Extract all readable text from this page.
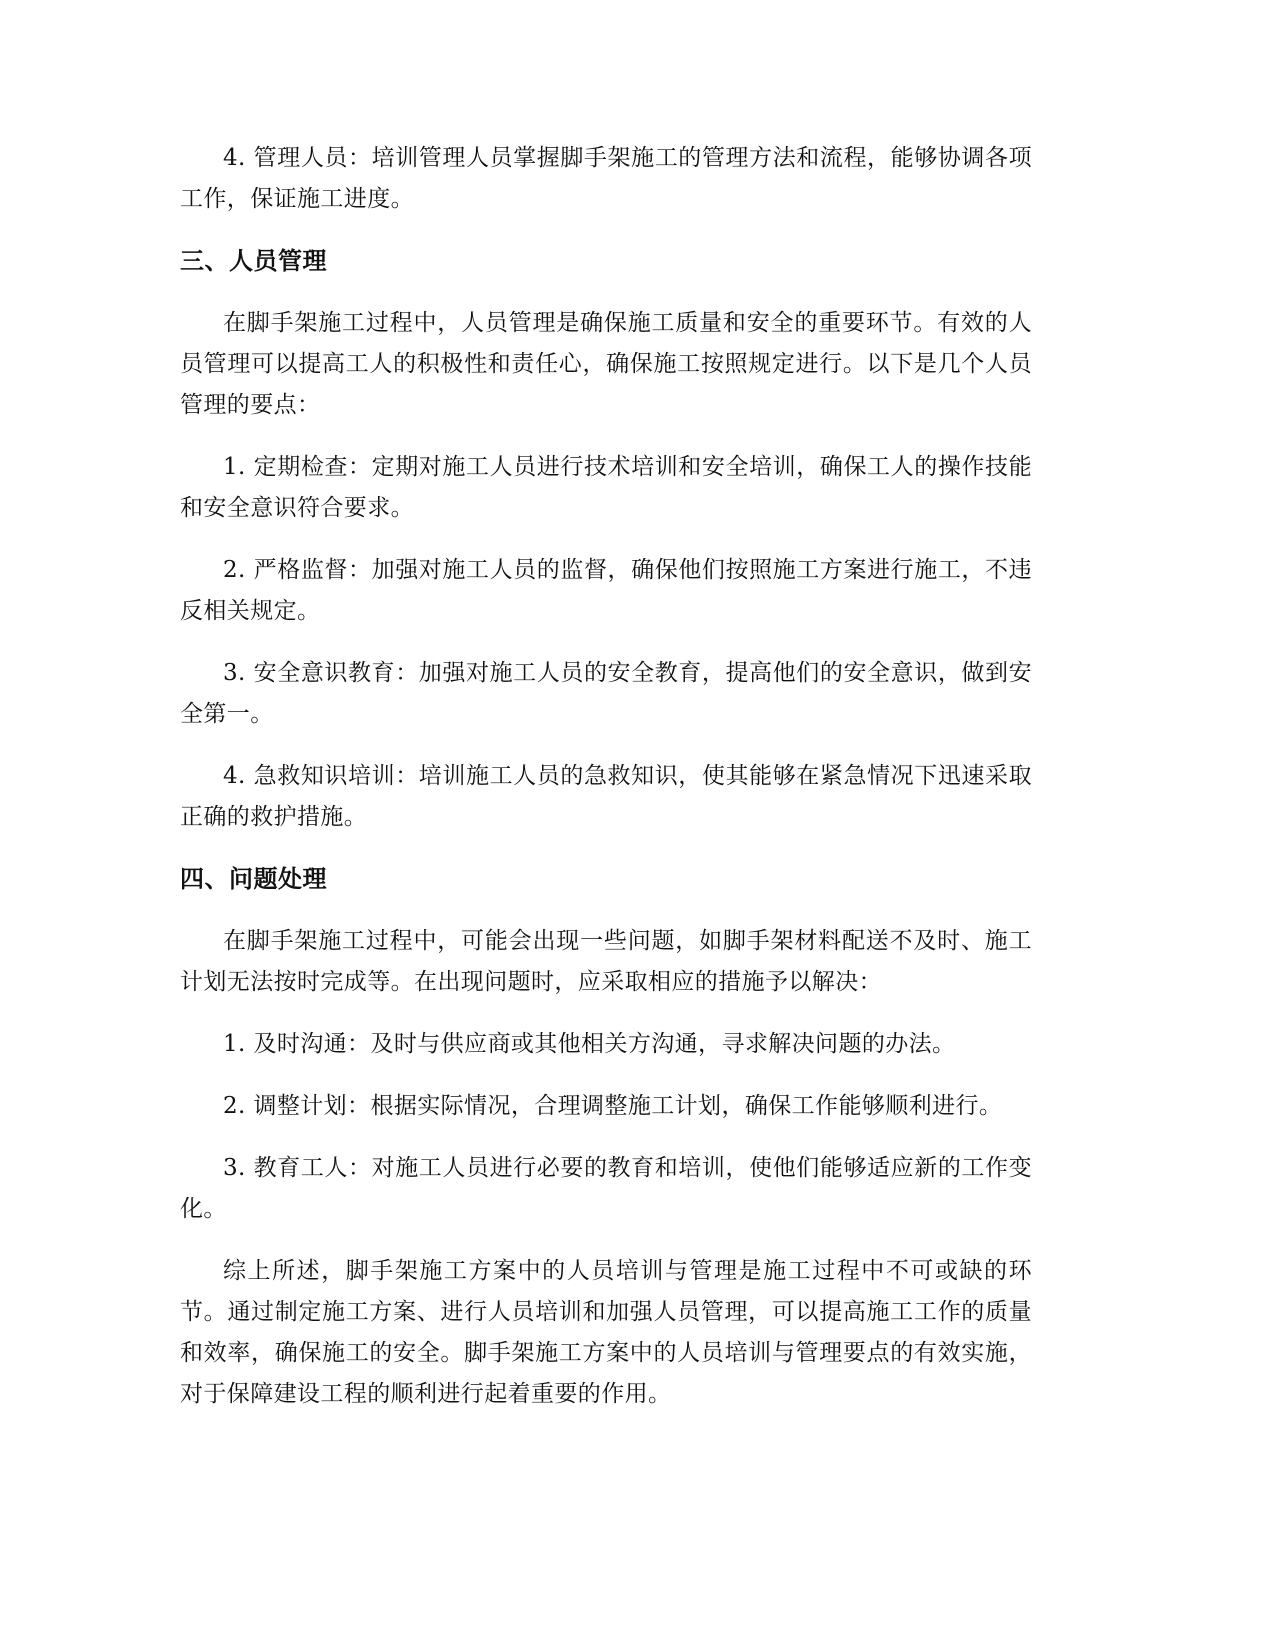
4. 管理人员：培训管理人员掌握脚手架施工的管理方法和流程，能够协调各项工作，保证施工进度。

三、人员管理

在脚手架施工过程中，人员管理是确保施工质量和安全的重要环节。有效的人员管理可以提高工人的积极性和责任心，确保施工按照规定进行。以下是几个人员管理的要点：

1. 定期检查：定期对施工人员进行技术培训和安全培训，确保工人的操作技能和安全意识符合要求。

2. 严格监督：加强对施工人员的监督，确保他们按照施工方案进行施工，不违反相关规定。

3. 安全意识教育：加强对施工人员的安全教育，提高他们的安全意识，做到安全第一。

4. 急救知识培训：培训施工人员的急救知识，使其能够在紧急情况下迅速采取正确的救护措施。

四、问题处理

在脚手架施工过程中，可能会出现一些问题，如脚手架材料配送不及时、施工计划无法按时完成等。在出现问题时，应采取相应的措施予以解决：

1. 及时沟通：及时与供应商或其他相关方沟通，寻求解决问题的办法。

2. 调整计划：根据实际情况，合理调整施工计划，确保工作能够顺利进行。

3. 教育工人：对施工人员进行必要的教育和培训，使他们能够适应新的工作变化。

综上所述，脚手架施工方案中的人员培训与管理是施工过程中不可或缺的环节。通过制定施工方案、进行人员培训和加强人员管理，可以提高施工工作的质量和效率，确保施工的安全。脚手架施工方案中的人员培训与管理要点的有效实施，对于保障建设工程的顺利进行起着重要的作用。
